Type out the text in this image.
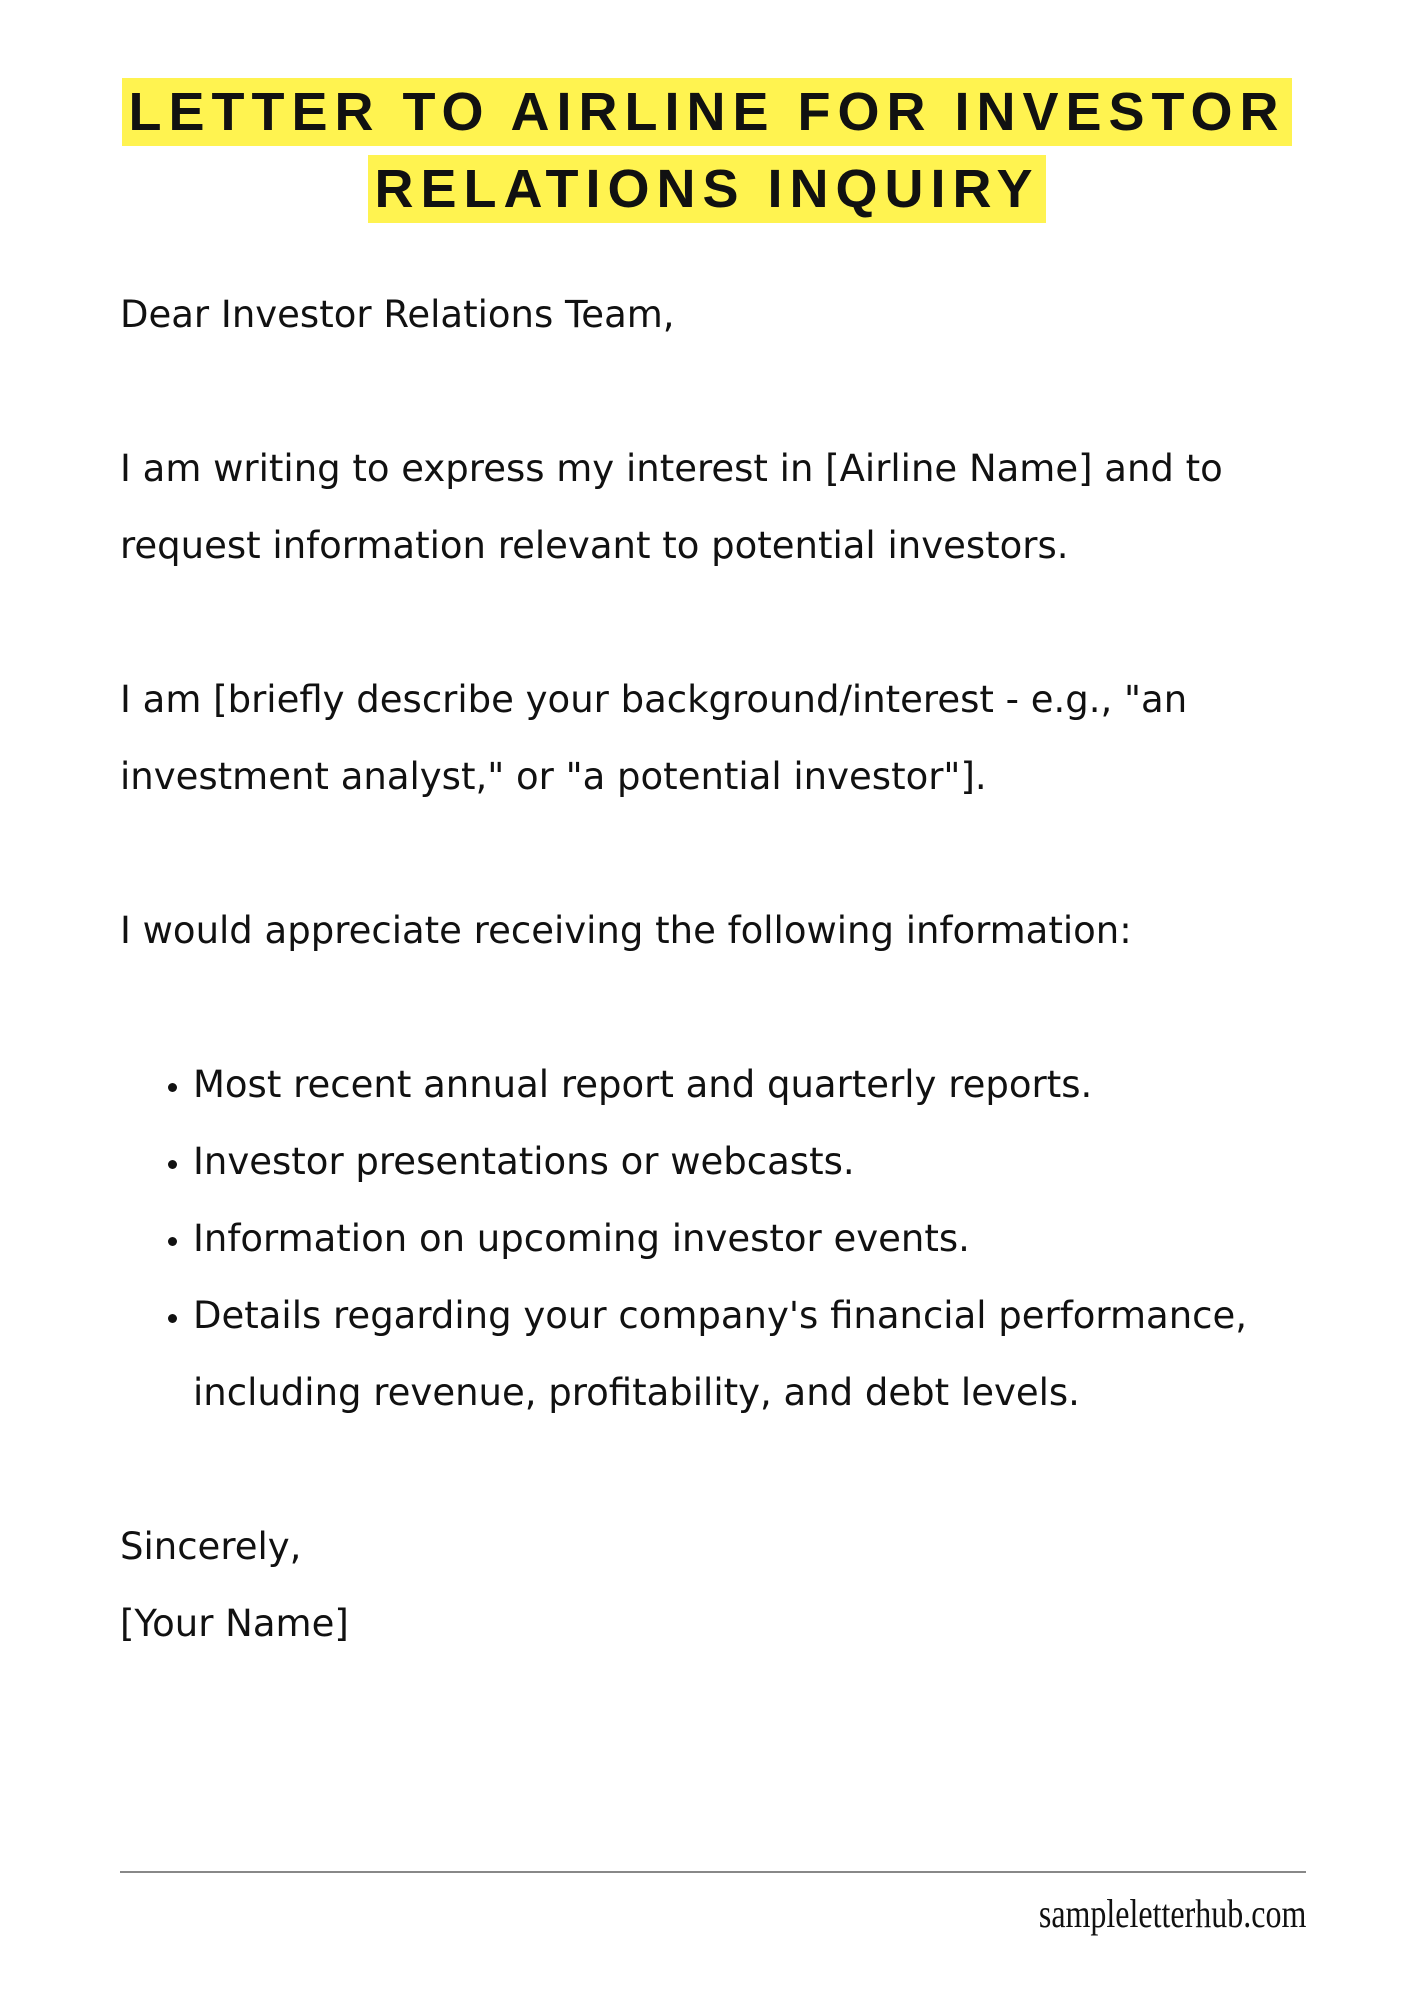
LETTER TO AIRLINE FOR INVESTOR RELATIONS INQUIRY

Dear Investor Relations Team,

I am writing to express my interest in [Airline Name] and to request information relevant to potential investors.

I am [briefly describe your background/interest - e.g., "an investment analyst," or "a potential investor"].

I would appreciate receiving the following information:

• Most recent annual report and quarterly reports.
• Investor presentations or webcasts.
• Information on upcoming investor events.
• Details regarding your company's financial performance, including revenue, profitability, and debt levels.
Sincerely,
[Your Name]
sampleletterhub.com
